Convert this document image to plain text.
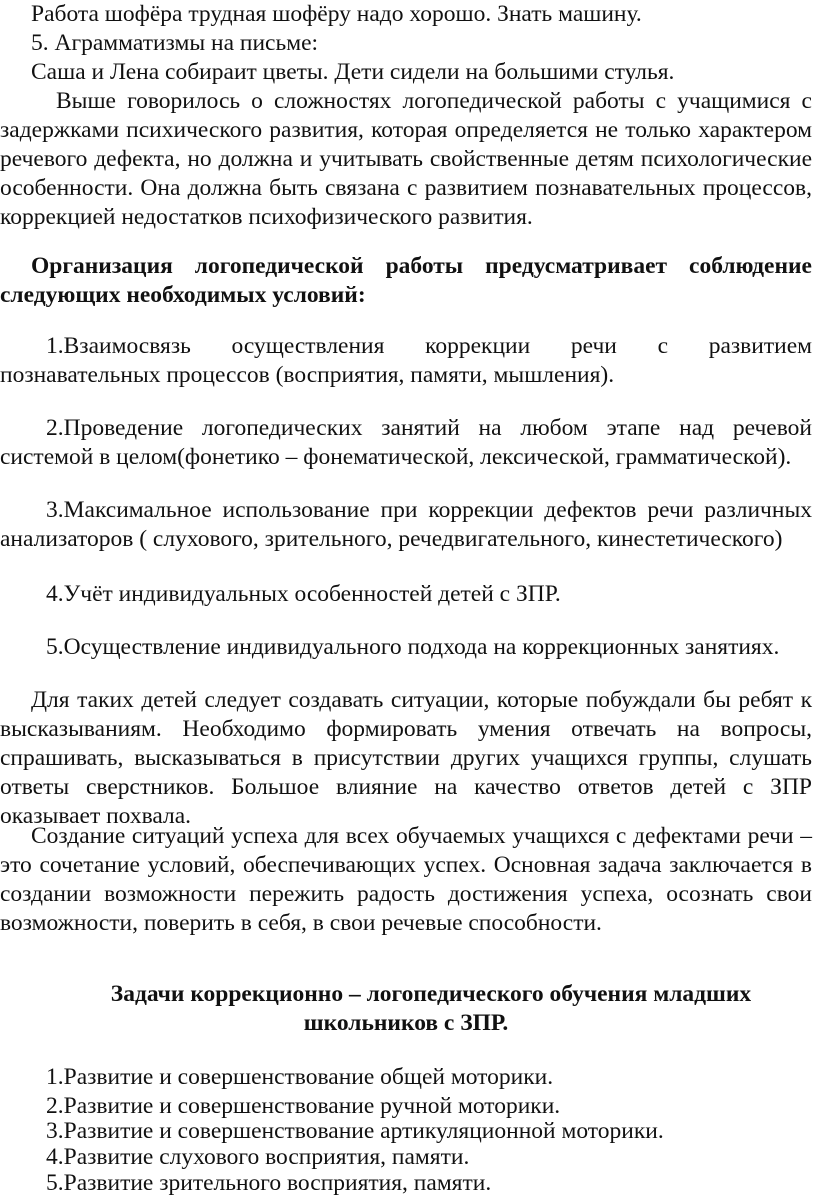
Работа шофёра трудная шофёру надо хорошо. Знать машину.
5. Аграмматизмы на письме:
Саша и Лена собираит цветы. Дети сидели на большими стулья.
Выше говорилось о сложностях логопедической работы с учащимися с
задержками психического развития, которая определяется не только характером
речевого дефекта, но должна и учитывать свойственные детям психологические
особенности. Она должна быть связана с развитием познавательных процессов,
коррекцией недостатков психофизического развития.
Организация логопедической работы предусматривает соблюдение
следующих необходимых условий:
1.Взаимосвязь осуществления коррекции речи с развитием
познавательных процессов (восприятия, памяти, мышления).
2.Проведение логопедических занятий на любом этапе над речевой
системой в целом(фонетико – фонематической, лексической, грамматической).
3.Максимальное использование при коррекции дефектов речи различных
анализаторов ( слухового, зрительного, речедвигательного, кинестетического)
4.Учёт индивидуальных особенностей детей с ЗПР.
5.Осуществление индивидуального подхода на коррекционных занятиях.
Для таких детей следует создавать ситуации, которые побуждали бы ребят к
высказываниям. Необходимо формировать умения отвечать на вопросы,
спрашивать, высказываться в присутствии других учащихся группы, слушать
ответы сверстников. Большое влияние на качество ответов детей с ЗПР
оказывает похвала.
Создание ситуаций успеха для всех обучаемых учащихся с дефектами речи –
это сочетание условий, обеспечивающих успех. Основная задача заключается в
создании возможности пережить радость достижения успеха, осознать свои
возможности, поверить в себя, в свои речевые способности.
Задачи коррекционно – логопедического обучения младших
школьников с ЗПР.
1.Развитие и совершенствование общей моторики.
2.Развитие и совершенствование ручной моторики.
3.Развитие и совершенствование артикуляционной моторики.
4.Развитие слухового восприятия, памяти.
5.Развитие зрительного восприятия, памяти.
